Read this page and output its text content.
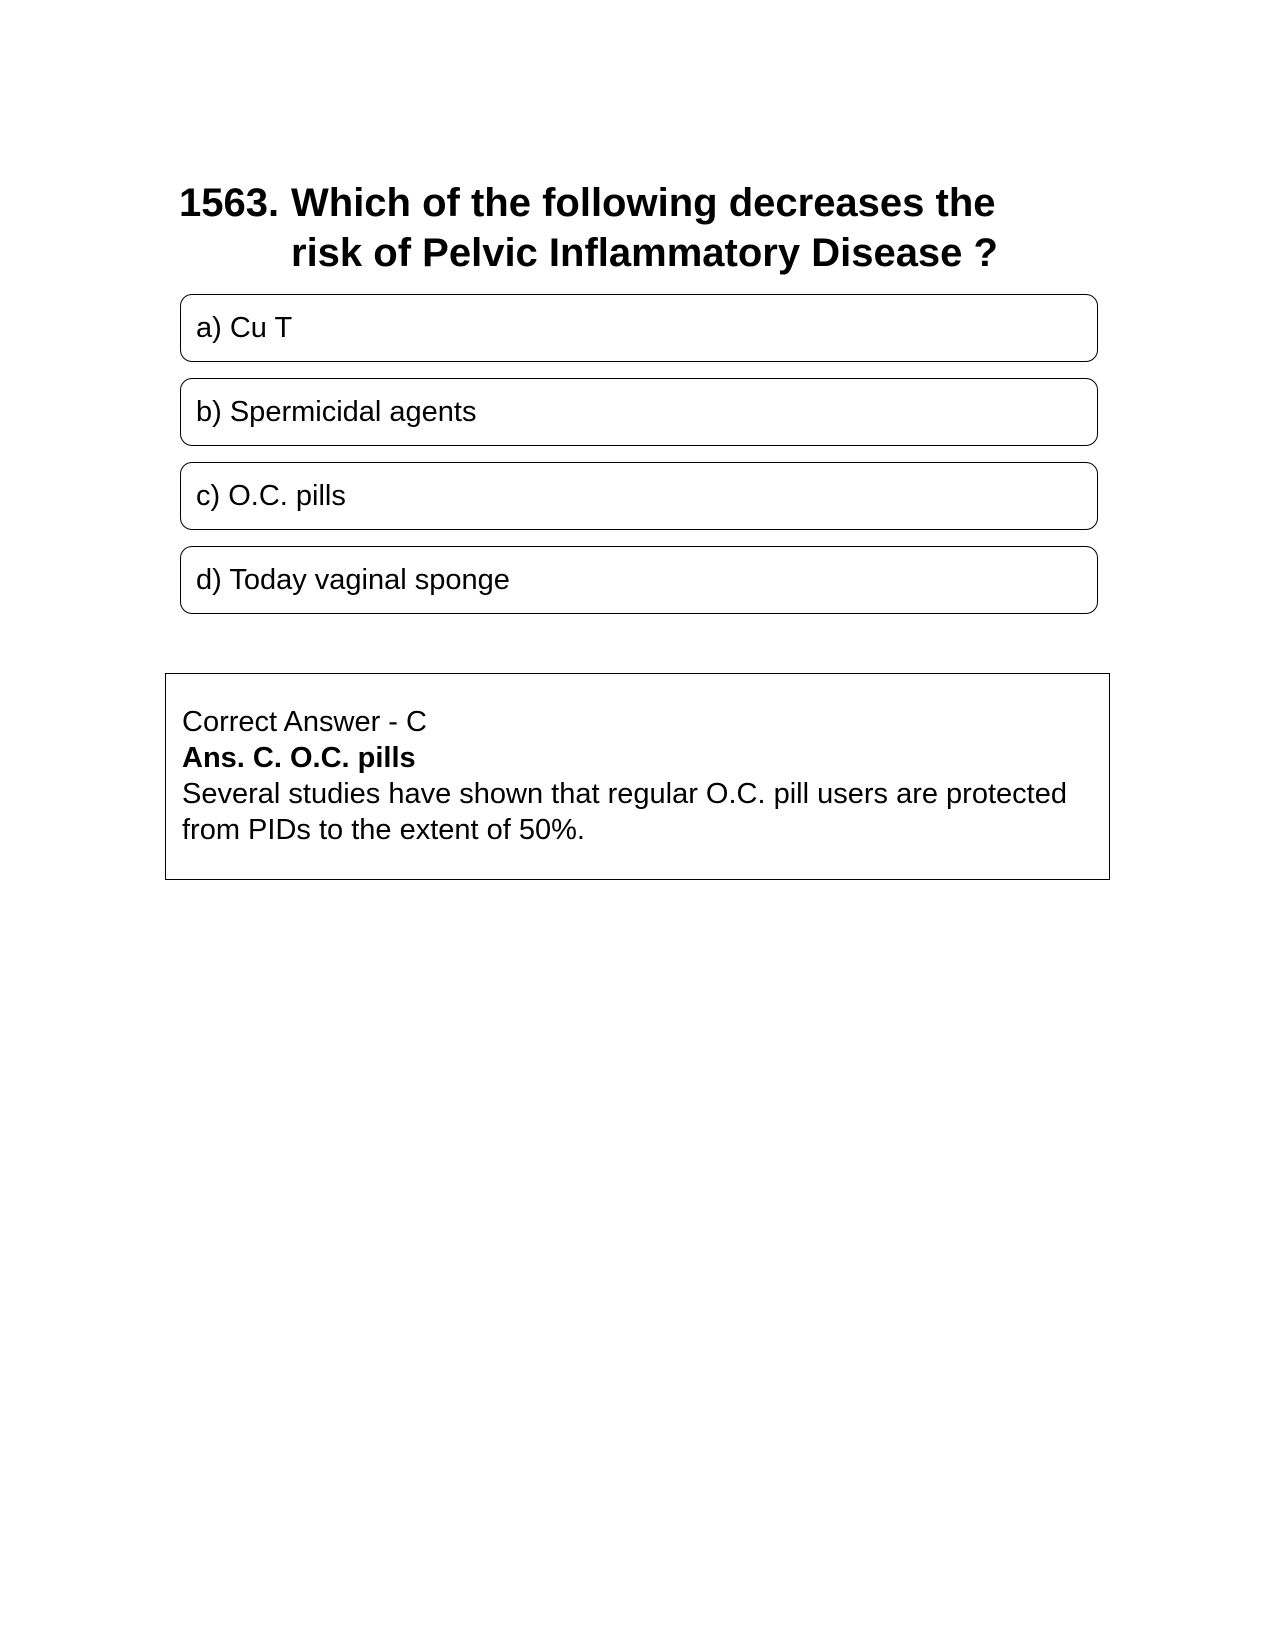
1563. Which of the following decreases the risk of Pelvic Inflammatory Disease ?
a) Cu T
b) Spermicidal agents
c) O.C. pills
d) Today vaginal sponge
Correct Answer - C
Ans. C. O.C. pills
Several studies have shown that regular O.C. pill users are protected from PIDs to the extent of 50%.
